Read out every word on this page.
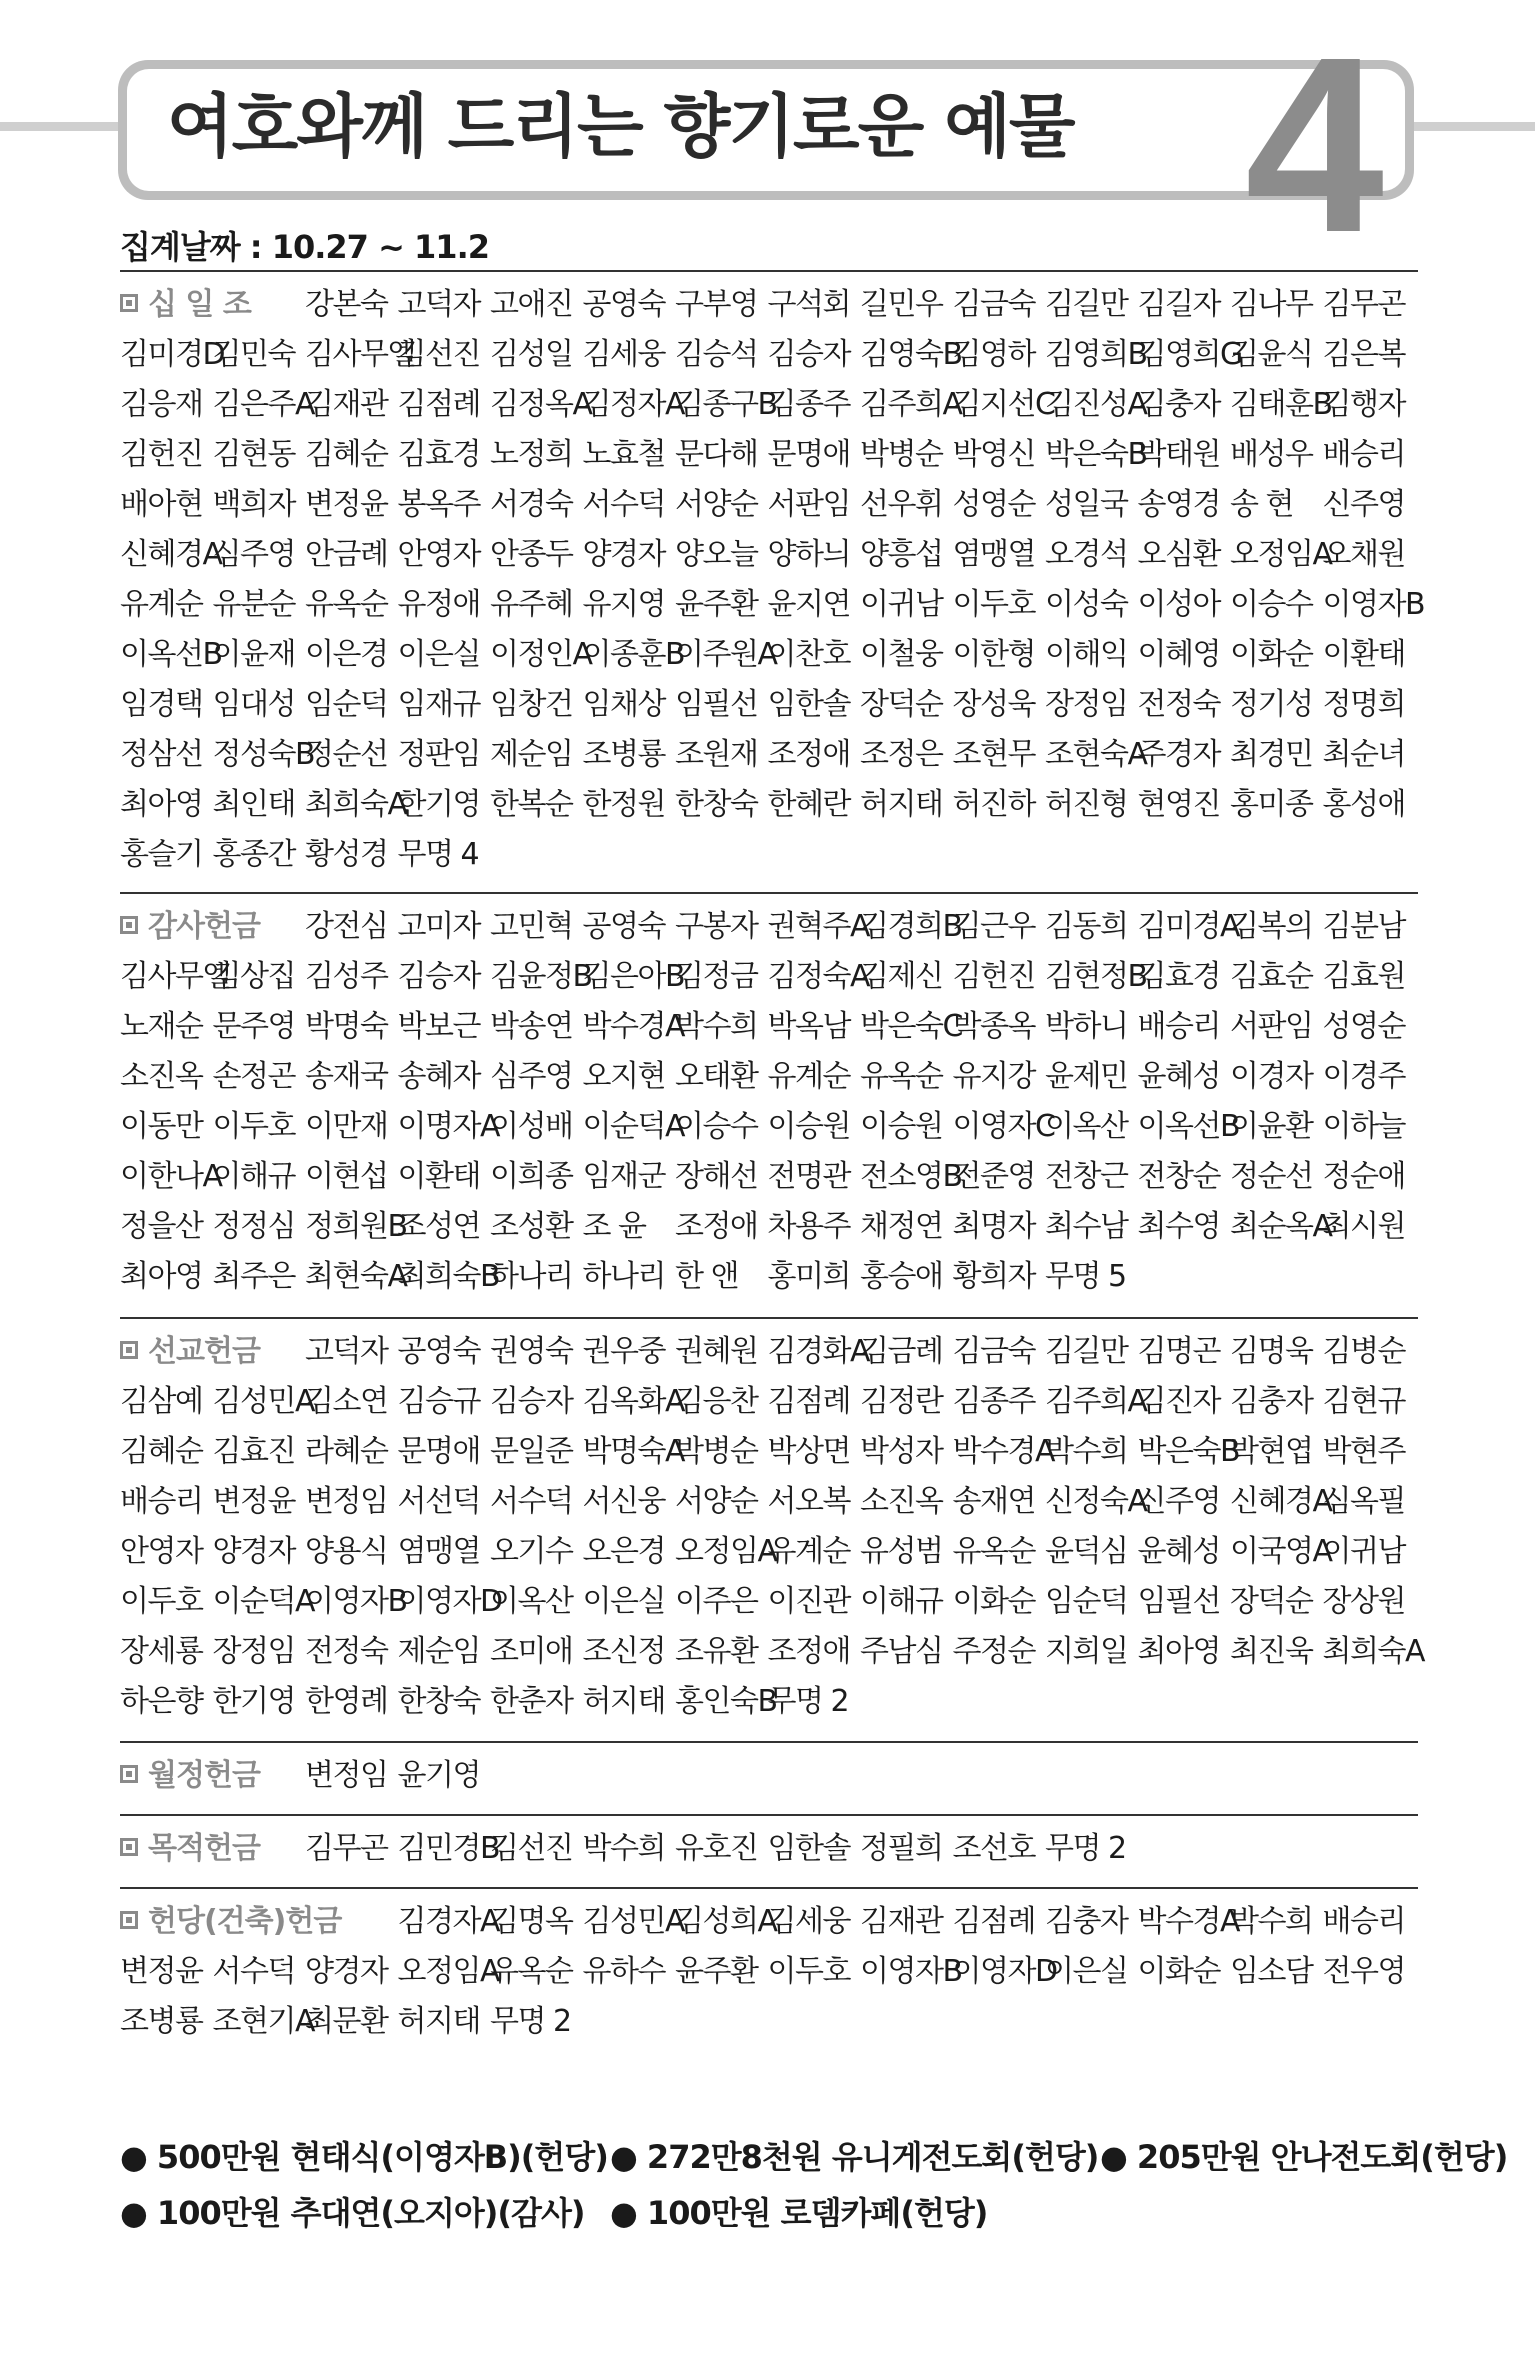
여호와께 드리는 향기로운 예물 4
집계날짜 : 10.27 ~ 11.2
십 일 조	강본숙 고덕자 고애진 공영숙 구부영 구석회 길민우 김금숙 김길만 김길자 김나무 김무곤
김미경D
김민숙 김사무엘
김선진 김성일 김세웅 김승석 김승자 김영숙B
김영하 김영희B
김영희G
김윤식 김은복
김응재 김은주A
김재관 김점례 김정옥A
김정자A
김종구B
김종주 김주희A
김지선C
김진성A
김충자 김태훈B
김행자
김헌진 김현동 김혜순 김효경 노정희 노효철 문다해 문명애 박병순 박영신 박은숙B
박태원 배성우 배승리
배아현 백희자 변정윤 봉옥주 서경숙 서수덕 서양순 서판임 선우휘 성영순 성일국 송영경 송 현 신주영
신혜경A
심주영 안금례 안영자 안종두 양경자 양오늘 양하늬 양흥섭 염맹열 오경석 오심환 오정임A
오채원
유계순 유분순 유옥순 유정애 유주혜 유지영 윤주환 윤지연 이귀남 이두호 이성숙 이성아 이승수 이영자B
이옥선B
이윤재 이은경 이은실 이정인A
이종훈B
이주원A
이찬호 이철웅 이한형 이해익 이혜영 이화순 이환태
임경택 임대성 임순덕 임재규 임창건 임채상 임필선 임한솔 장덕순 장성욱 장정임 전정숙 정기성 정명희
정삼선 정성숙B
정순선 정판임 제순임 조병룡 조원재 조정애 조정은 조현무 조현숙A
주경자 최경민 최순녀
최아영 최인태 최희숙A
한기영 한복순 한정원 한창숙 한혜란 허지태 허진하 허진형 현영진 홍미종 홍성애
홍슬기 홍종간 황성경 무명 4
감사헌금	강전심 고미자 고민혁 공영숙 구봉자 권혁주A
김경희B
김근우 김동희 김미경A
김복의 김분남
김사무엘
김상집 김성주 김승자 김윤정B
김은아B
김정금 김정숙A
김제신 김헌진 김현정B
김효경 김효순 김효원
노재순 문주영 박명숙 박보근 박송연 박수경A
박수희 박옥남 박은숙C
박종옥 박하니 배승리 서판임 성영순
소진옥 손정곤 송재국 송혜자 심주영 오지현 오태환 유계순 유옥순 유지강 윤제민 윤혜성 이경자 이경주
이동만 이두호 이만재 이명자A
이성배 이순덕A
이승수 이승원 이승원 이영자C
이옥산 이옥선B
이윤환 이하늘
이한나A
이해규 이현섭 이환태 이희종 임재군 장해선 전명관 전소영B
전준영 전창근 전창순 정순선 정순애
정을산 정정심 정희원B
조성연 조성환 조 윤 조정애 차용주 채정연 최명자 최수남 최수영 최순옥A
최시원
최아영 최주은 최현숙A
최희숙B
하나리 하나리 한 앤 홍미희 홍승애 황희자 무명 5
선교헌금	고덕자 공영숙 권영숙 권우중 권혜원 김경화A
김금례 김금숙 김길만 김명곤 김명욱 김병순
김삼예 김성민A
김소연 김승규 김승자 김옥화A
김응찬 김점례 김정란 김종주 김주희A
김진자 김충자 김현규
김혜순 김효진 라혜순 문명애 문일준 박명숙A
박병순 박상면 박성자 박수경A
박수희 박은숙B
박현엽 박현주
배승리 변정윤 변정임 서선덕 서수덕 서신웅 서양순 서오복 소진옥 송재연 신정숙A
신주영 신혜경A
심옥필
안영자 양경자 양용식 염맹열 오기수 오은경 오정임A
유계순 유성범 유옥순 윤덕심 윤혜성 이국영A
이귀남
이두호 이순덕A
이영자B
이영자D
이옥산 이은실 이주은 이진관 이해규 이화순 임순덕 임필선 장덕순 장상원
장세룡 장정임 전정숙 제순임 조미애 조신정 조유환 조정애 주남심 주정순 지희일 최아영 최진욱 최희숙A
하은향 한기영 한영례 한창숙 한춘자 허지태 홍인숙B
무명 2
월정헌금	변정임 윤기영
목적헌금	김무곤 김민경B
김선진 박수희 유호진 임한솔 정필희 조선호 무명 2
헌당(건축)헌금	김경자A
김명옥 김성민A
김성희A
김세웅 김재관 김점례 김충자 박수경A
박수희 배승리
변정윤 서수덕 양경자 오정임A
유옥순 유하수 윤주환 이두호 이영자B
이영자D
이은실 이화순 임소담 전우영
조병룡 조현기A
최문환 허지태 무명 2
● 500만원 현태식(이영자B)(헌당) ● 272만8천원 유니게전도회(헌당) ● 205만원 안나전도회(헌당)
● 100만원 추대연(오지아)(감사) ● 100만원 로뎀카페(헌당)
